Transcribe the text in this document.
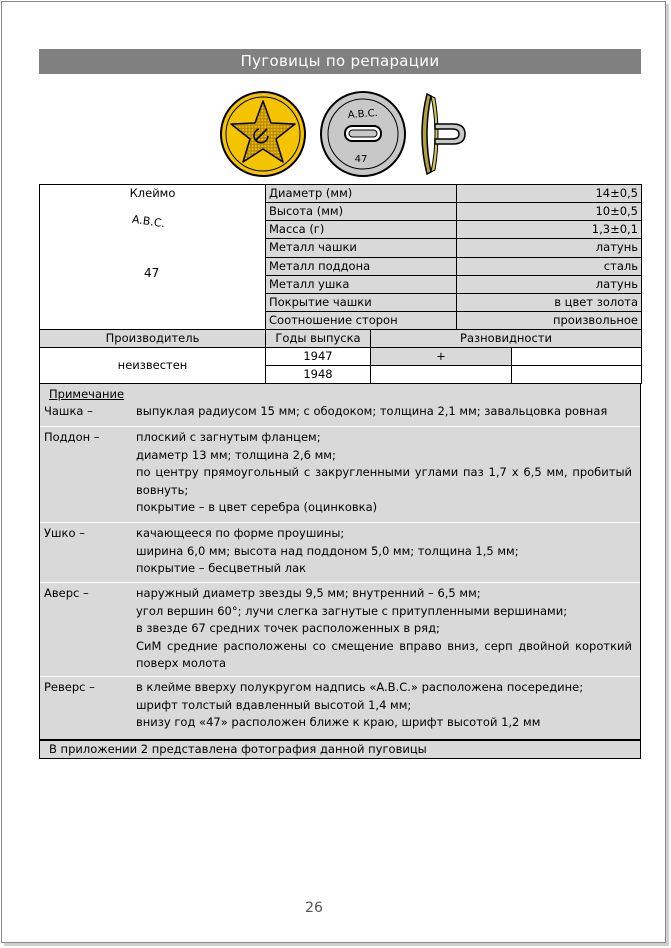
Пуговицы по репарации
A.B.C.
47
Клеймо
A.B.C.
47	Диаметр (мм)		14±0,5	
	Высота (мм)		10±0,5	
	Масса (г)		1,3±0,1	
	Металл чашки		латунь	
	Металл поддона		сталь	
	Металл ушка		латунь	
	Покрытие чашки		в цвет золота	
	Соотношение сторон		произвольное	
Производитель	Годы выпуска	Разновидности		
неизвестен	1947	+		
	1948			
Примечание
Чашка –	выпуклая радиусом 15 мм; с ободоком; толщина 2,1 мм; завальцовка ровная
Поддон –	плоский с загнутым фланцем;
диаметр 13 мм; толщина 2,6 мм;
по центру прямоугольный с закругленными углами паз 1,7 х 6,5 мм, пробитый вовнуть;
покрытие – в цвет серебра (оцинковка)
Ушко –	качающееся по форме проушины;
ширина 6,0 мм; высота над поддоном 5,0 мм; толщина 1,5 мм;
покрытие – бесцветный лак
Аверс –	наружный диаметр звезды 9,5 мм; внутренний – 6,5 мм;
угол вершин 60°; лучи слегка загнутые с притупленными вершинами;
в звезде 67 средних точек расположенных в ряд;
СиМ средние расположены со смещение вправо вниз, серп двойной короткий поверх молота
Реверс –	в клейме вверху полукругом надпись «A.B.C.» расположена посередине;
шрифт толстый вдавленный высотой 1,4 мм;
внизу год «47» расположен ближе к краю, шрифт высотой 1,2 мм
В приложении 2 представлена фотография данной пуговицы
26
